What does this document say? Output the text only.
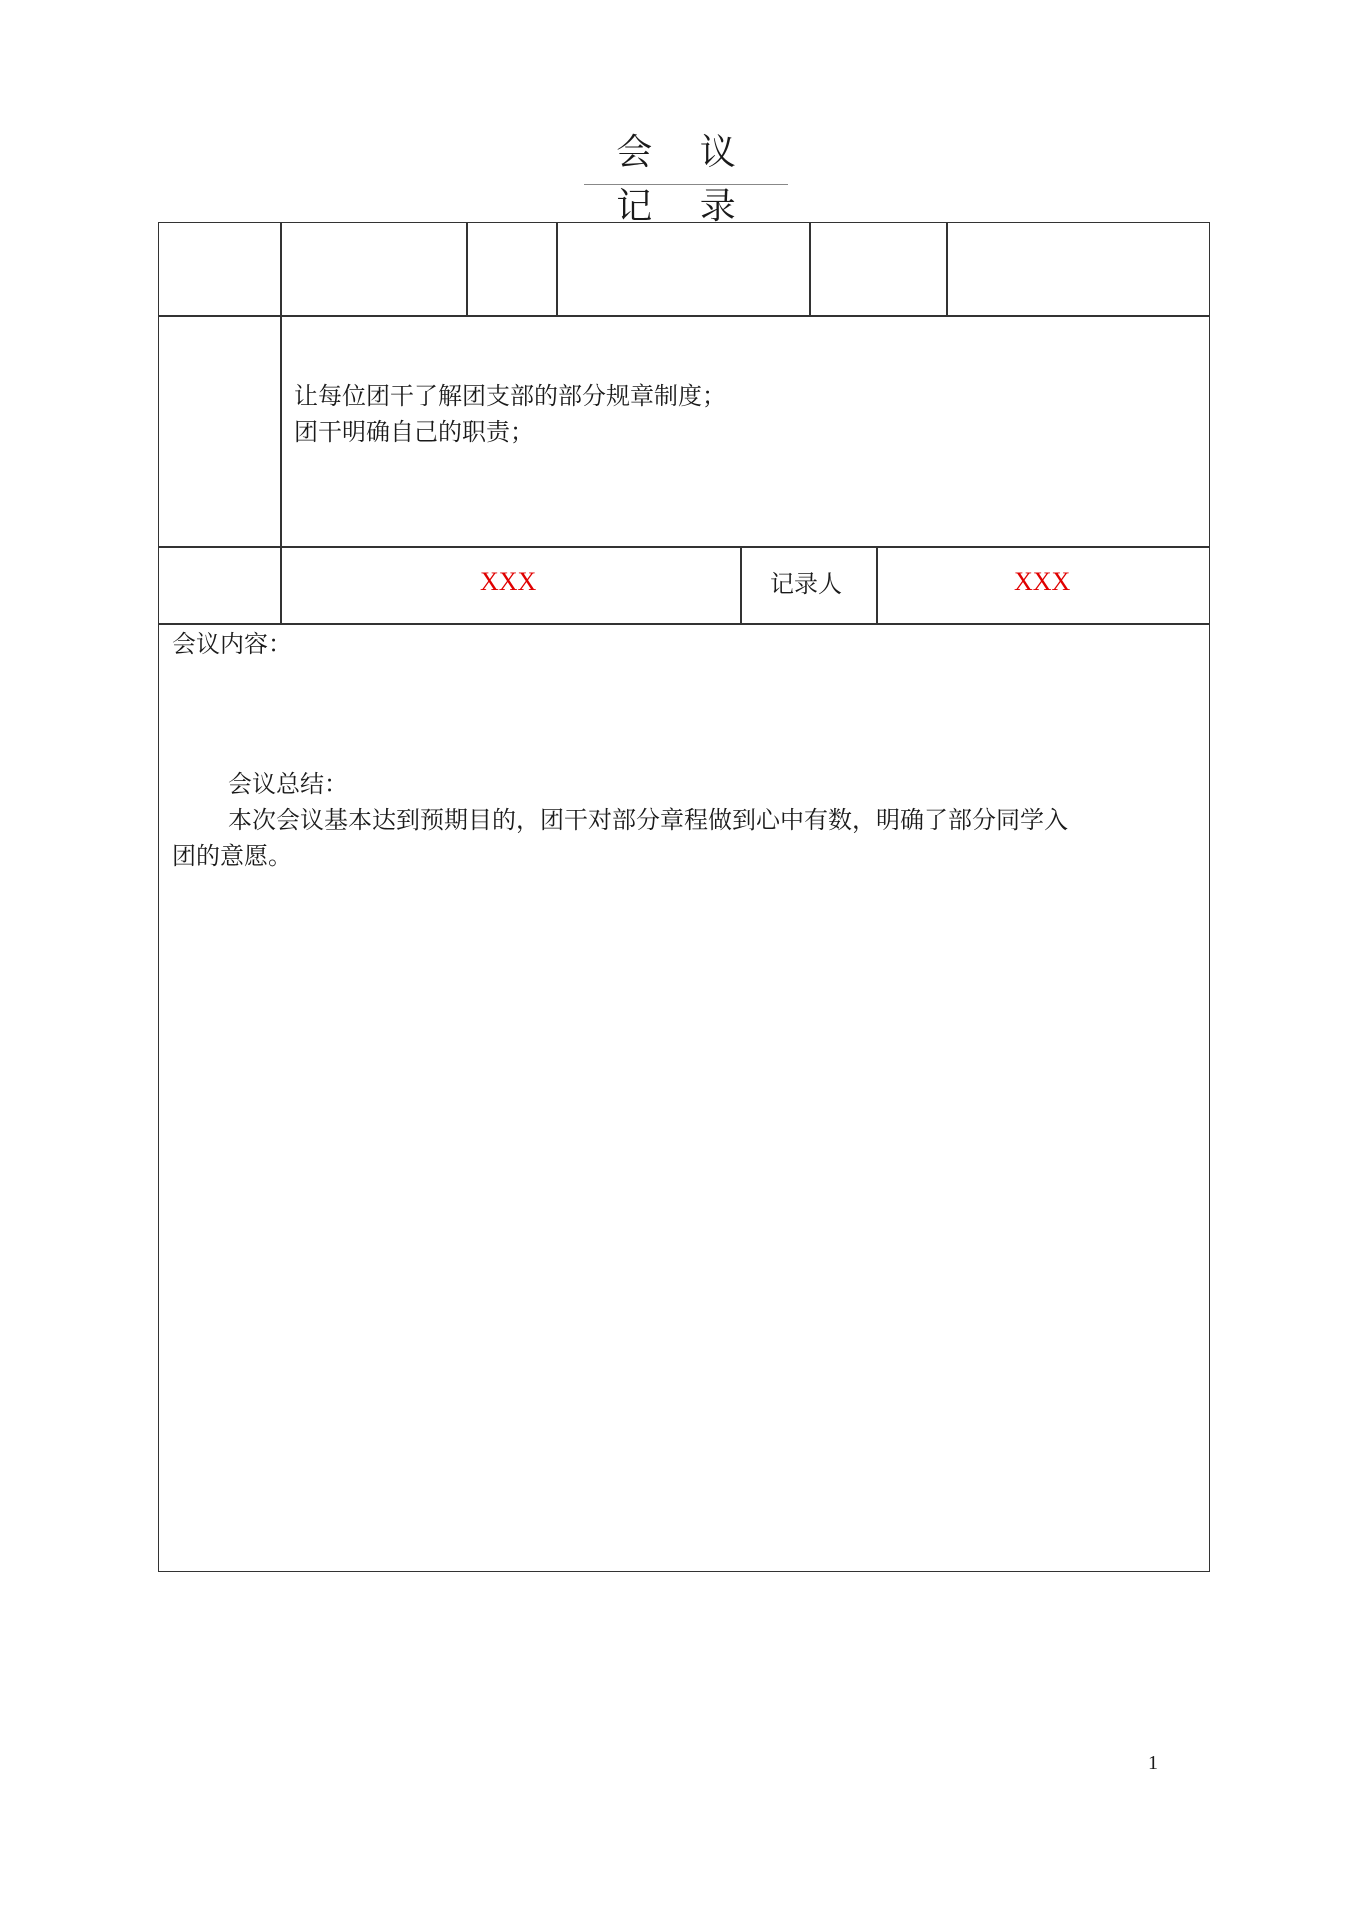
会 议 记 录
让每位团干了解团支部的部分规章制度；
团干明确自己的职责；
XXX	记录人	XXX
会议内容：
会议总结：
本次会议基本达到预期目的，团干对部分章程做到心中有数，明确了部分同学入
团的意愿。
1
